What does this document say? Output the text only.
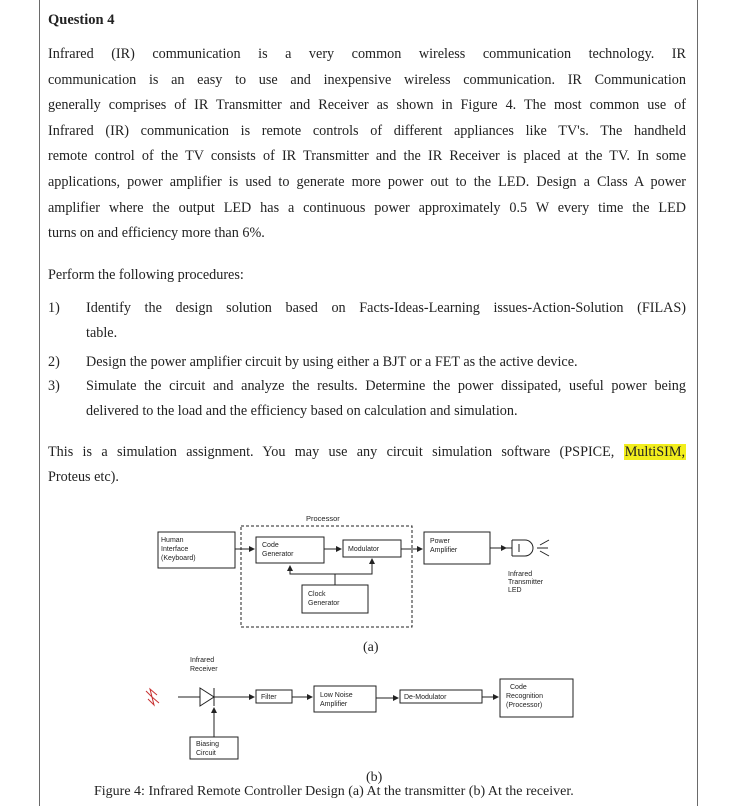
Question 4
Infrared (IR) communication is a very common wireless communication technology. IR
communication is an easy to use and inexpensive wireless communication. IR Communication
generally comprises of IR Transmitter and Receiver as shown in Figure 4. The most common use of
Infrared (IR) communication is remote controls of different appliances like TV's. The handheld
remote control of the TV consists of IR Transmitter and the IR Receiver is placed at the TV. In some
applications, power amplifier is used to generate more power out to the LED. Design a Class A power
amplifier where the output LED has a continuous power approximately 0.5 W every time the LED
turns on and efficiency more than 6%.
Perform the following procedures:
1) Identify the design solution based on Facts-Ideas-Learning issues-Action-Solution (FILAS)
table.
2) Design the power amplifier circuit by using either a BJT or a FET as the active device.
3) Simulate the circuit and analyze the results. Determine the power dissipated, useful power being
delivered to the load and the efficiency based on calculation and simulation.
This is a simulation assignment. You may use any circuit simulation software (PSPICE, MultiSIM,
Proteus etc).
Processor
Human
Interface
(Keyboard)
Code
Generator
Modulator
Power
Amplifier
Clock
Generator
Infrared
Transmitter
LED
Infrared
Receiver
Filter	Low Noise
Amplifier
De-Modulator
Code
Recognition
(Processor)
Biasing
Circuit
(a)
(b)
Figure 4: Infrared Remote Controller Design (a) At the transmitter (b) At the receiver.
